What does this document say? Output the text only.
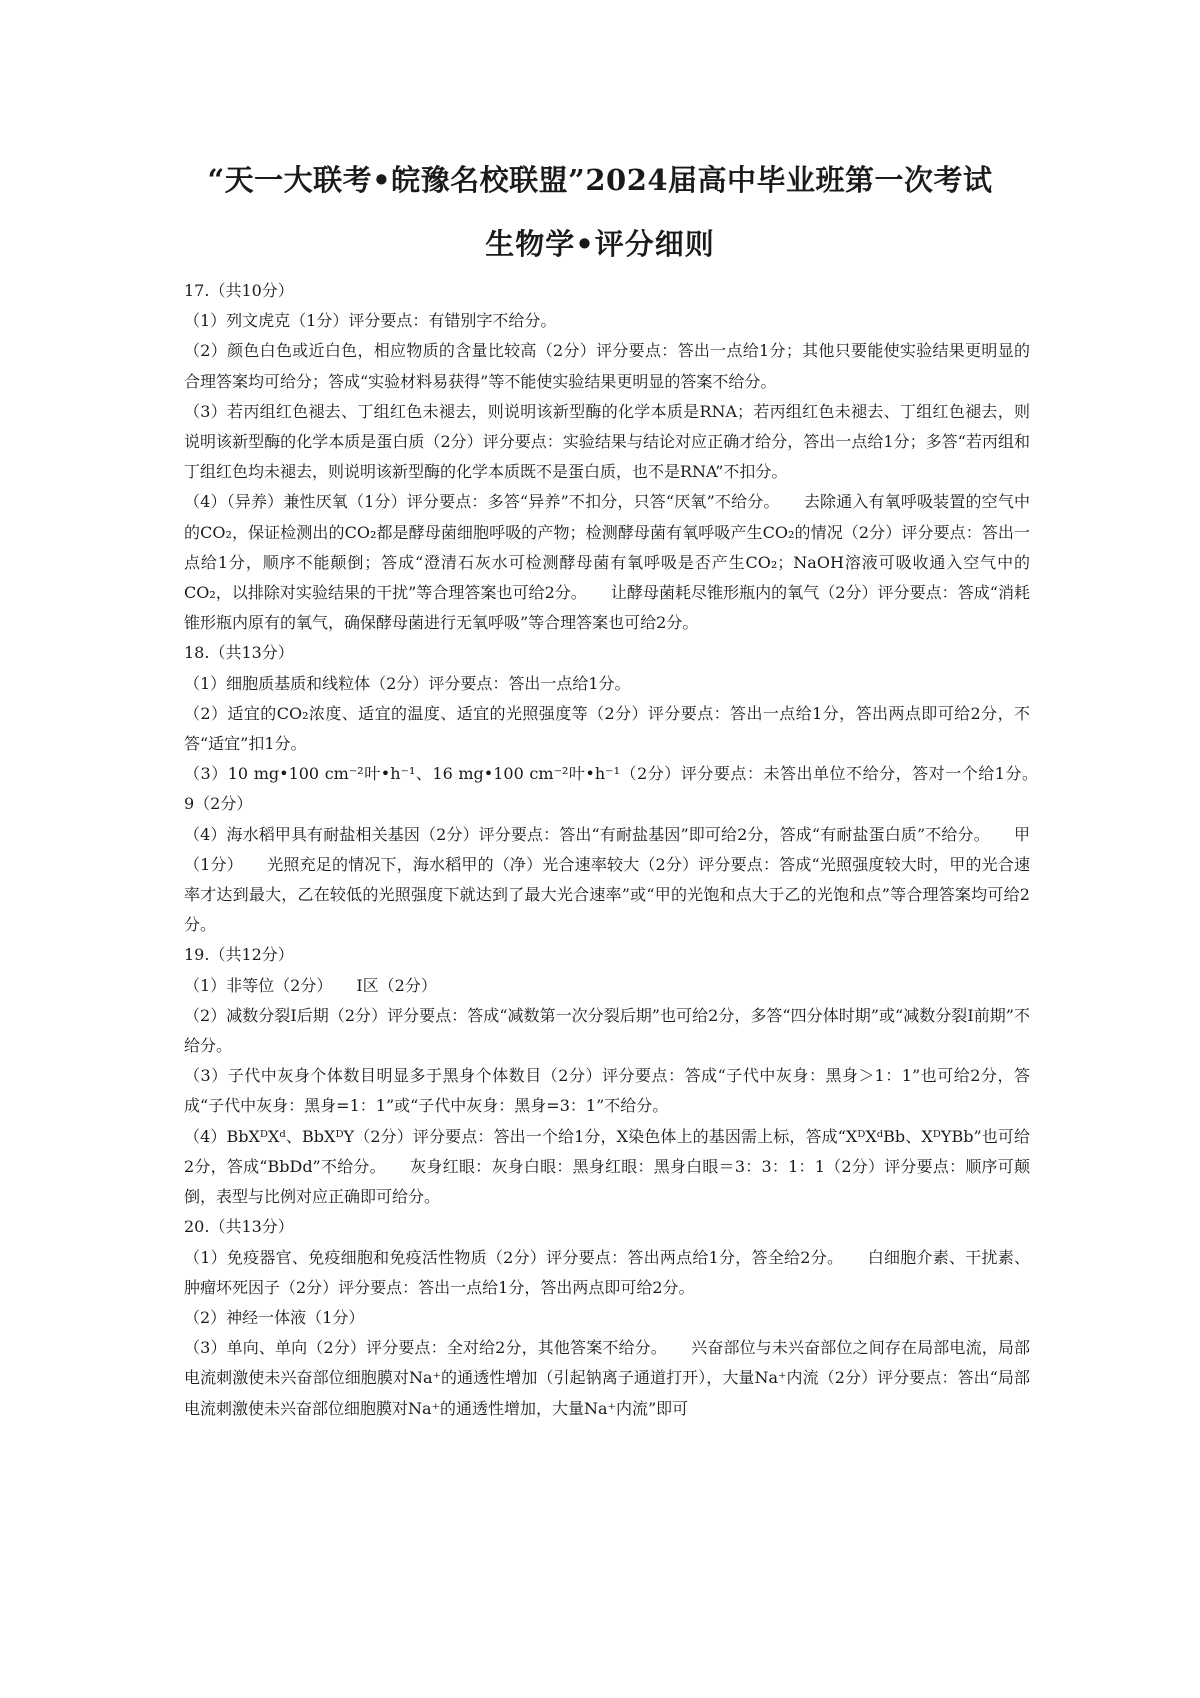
“天一大联考•皖豫名校联盟”2024届高中毕业班第一次考试
生物学•评分细则

17.（共10分）

（1）列文虎克（1分）评分要点：有错别字不给分。

（2）颜色白色或近白色，相应物质的含量比较高（2分）评分要点：答出一点给1分；其他只要能使实验结果更明显的合理答案均可给分；答成“实验材料易获得”等不能使实验结果更明显的答案不给分。

（3）若丙组红色褪去、丁组红色未褪去，则说明该新型酶的化学本质是RNA；若丙组红色未褪去、丁组红色褪去，则说明该新型酶的化学本质是蛋白质（2分）评分要点：实验结果与结论对应正确才给分，答出一点给1分；多答“若丙组和丁组红色均未褪去，则说明该新型酶的化学本质既不是蛋白质，也不是RNA”不扣分。

（4）（异养）兼性厌氧（1分）评分要点：多答“异养”不扣分，只答“厌氧”不给分。　　去除通入有氧呼吸装置的空气中的CO₂，保证检测出的CO₂都是酵母菌细胞呼吸的产物；检测酵母菌有氧呼吸产生CO₂的情况（2分）评分要点：答出一点给1分，顺序不能颠倒；答成“澄清石灰水可检测酵母菌有氧呼吸是否产生CO₂；NaOH溶液可吸收通入空气中的CO₂，以排除对实验结果的干扰”等合理答案也可给2分。　　让酵母菌耗尽锥形瓶内的氧气（2分）评分要点：答成“消耗锥形瓶内原有的氧气，确保酵母菌进行无氧呼吸”等合理答案也可给2分。

18.（共13分）

（1）细胞质基质和线粒体（2分）评分要点：答出一点给1分。

（2）适宜的CO₂浓度、适宜的温度、适宜的光照强度等（2分）评分要点：答出一点给1分，答出两点即可给2分，不答“适宜”扣1分。

（3）10 mg•100 cm⁻²叶•h⁻¹、16 mg•100 cm⁻²叶•h⁻¹（2分）评分要点：未答出单位不给分，答对一个给1分。　　9（2分）

（4）海水稻甲具有耐盐相关基因（2分）评分要点：答出“有耐盐基因”即可给2分，答成“有耐盐蛋白质”不给分。　　甲（1分）　　光照充足的情况下，海水稻甲的（净）光合速率较大（2分）评分要点：答成“光照强度较大时，甲的光合速率才达到最大，乙在较低的光照强度下就达到了最大光合速率”或“甲的光饱和点大于乙的光饱和点”等合理答案均可给2分。

19.（共12分）

（1）非等位（2分）　　Ⅰ区（2分）

（2）减数分裂Ⅰ后期（2分）评分要点：答成“减数第一次分裂后期”也可给2分，多答“四分体时期”或“减数分裂Ⅰ前期”不给分。

（3）子代中灰身个体数目明显多于黑身个体数目（2分）评分要点：答成“子代中灰身：黑身＞1：1”也可给2分，答成“子代中灰身：黑身=1：1”或“子代中灰身：黑身=3：1”不给分。

（4）BbXᴰXᵈ、BbXᴰY（2分）评分要点：答出一个给1分，X染色体上的基因需上标，答成“XᴰXᵈBb、XᴰYBb”也可给2分，答成“BbDd”不给分。　　灰身红眼：灰身白眼：黑身红眼：黑身白眼＝3：3：1：1（2分）评分要点：顺序可颠倒，表型与比例对应正确即可给分。

20.（共13分）

（1）免疫器官、免疫细胞和免疫活性物质（2分）评分要点：答出两点给1分，答全给2分。　　白细胞介素、干扰素、肿瘤坏死因子（2分）评分要点：答出一点给1分，答出两点即可给2分。

（2）神经一体液（1分）

（3）单向、单向（2分）评分要点：全对给2分，其他答案不给分。　　兴奋部位与未兴奋部位之间存在局部电流，局部电流刺激使未兴奋部位细胞膜对Na⁺的通透性增加（引起钠离子通道打开），大量Na⁺内流（2分）评分要点：答出“局部电流刺激使未兴奋部位细胞膜对Na⁺的通透性增加，大量Na⁺内流”即可
